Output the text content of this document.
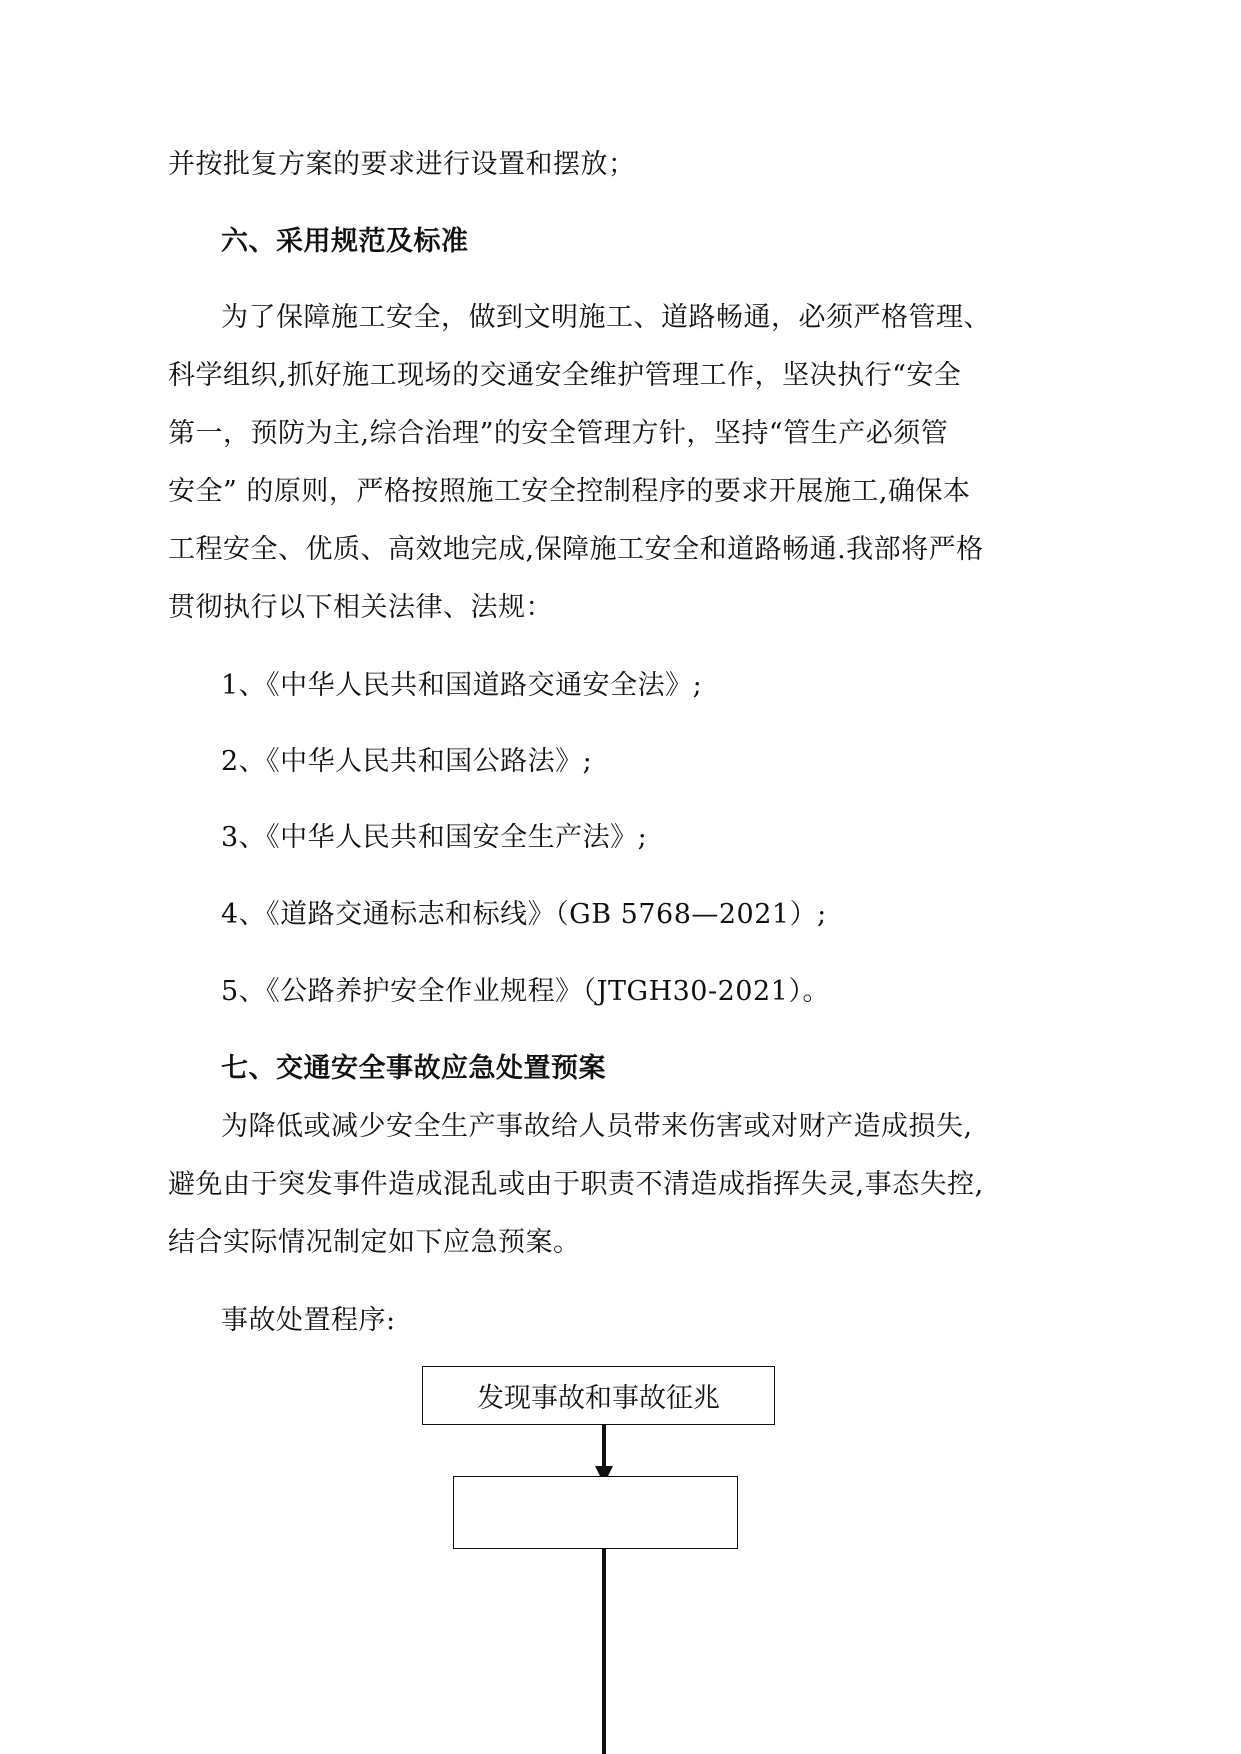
并按批复方案的要求进行设置和摆放；
六、采用规范及标准
为了保障施工安全，做到文明施工、道路畅通，必须严格管理、
科学组织,抓好施工现场的交通安全维护管理工作，坚决执行“安全
第一，预防为主,综合治理”的安全管理方针，坚持“管生产必须管
安全” 的原则，严格按照施工安全控制程序的要求开展施工,确保本
工程安全、优质、高效地完成,保障施工安全和道路畅通.我部将严格
贯彻执行以下相关法律、法规：
1、《中华人民共和国道路交通安全法》;
2、《中华人民共和国公路法》;
3、《中华人民共和国安全生产法》;
4、《道路交通标志和标线》（GB 5768—2021）;
5、《公路养护安全作业规程》（JTGH30-2021）。
七、交通安全事故应急处置预案
为降低或减少安全生产事故给人员带来伤害或对财产造成损失,
避免由于突发事件造成混乱或由于职责不清造成指挥失灵,事态失控,
结合实际情况制定如下应急预案。
事故处置程序:
发现事故和事故征兆
